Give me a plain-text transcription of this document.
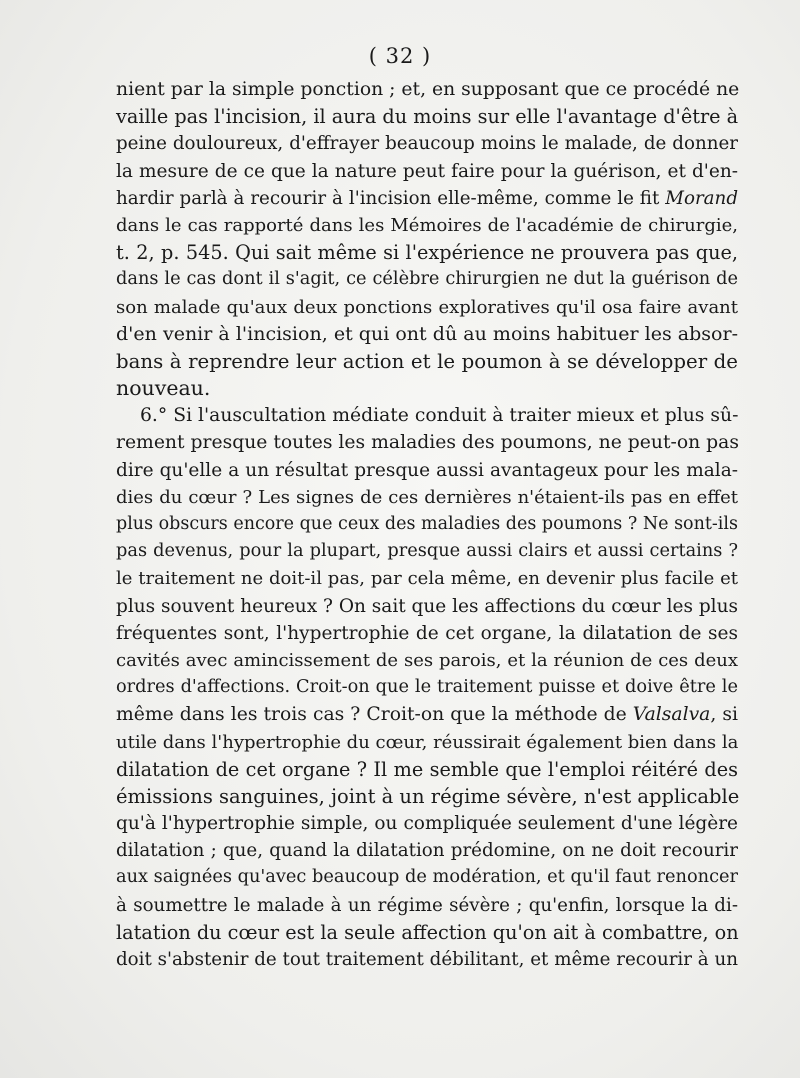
( 32 )
nient par la simple ponction ; et, en supposant que ce procédé ne
vaille pas l'incision, il aura du moins sur elle l'avantage d'être à
peine douloureux, d'effrayer beaucoup moins le malade, de donner
la mesure de ce que la nature peut faire pour la guérison, et d'en-
hardir parlà à recourir à l'incision elle-même, comme le fit Morand
dans le cas rapporté dans les Mémoires de l'académie de chirurgie,
t. 2, p. 545. Qui sait même si l'expérience ne prouvera pas que,
dans le cas dont il s'agit, ce célèbre chirurgien ne dut la guérison de
son malade qu'aux deux ponctions exploratives qu'il osa faire avant
d'en venir à l'incision, et qui ont dû au moins habituer les absor-
bans à reprendre leur action et le poumon à se développer de
nouveau.
6.° Si l'auscultation médiate conduit à traiter mieux et plus sû-
rement presque toutes les maladies des poumons, ne peut-on pas
dire qu'elle a un résultat presque aussi avantageux pour les mala-
dies du cœur ? Les signes de ces dernières n'étaient-ils pas en effet
plus obscurs encore que ceux des maladies des poumons ? Ne sont-ils
pas devenus, pour la plupart, presque aussi clairs et aussi certains ?
le traitement ne doit-il pas, par cela même, en devenir plus facile et
plus souvent heureux ? On sait que les affections du cœur les plus
fréquentes sont, l'hypertrophie de cet organe, la dilatation de ses
cavités avec amincissement de ses parois, et la réunion de ces deux
ordres d'affections. Croit-on que le traitement puisse et doive être le
même dans les trois cas ? Croit-on que la méthode de Valsalva, si
utile dans l'hypertrophie du cœur, réussirait également bien dans la
dilatation de cet organe ? Il me semble que l'emploi réitéré des
émissions sanguines, joint à un régime sévère, n'est applicable
qu'à l'hypertrophie simple, ou compliquée seulement d'une légère
dilatation ; que, quand la dilatation prédomine, on ne doit recourir
aux saignées qu'avec beaucoup de modération, et qu'il faut renoncer
à soumettre le malade à un régime sévère ; qu'enfin, lorsque la di-
latation du cœur est la seule affection qu'on ait à combattre, on
doit s'abstenir de tout traitement débilitant, et même recourir à un
